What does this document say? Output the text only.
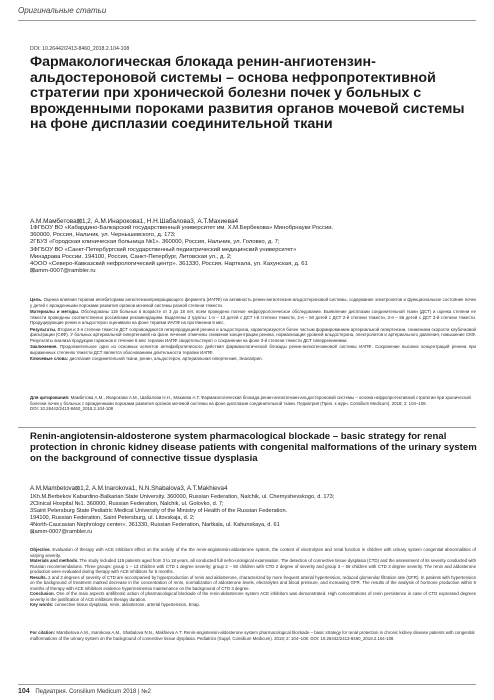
Оригинальные статьи
DOI: 10.26442/2413-8460_2018.2.104-108
Фармакологическая блокада ренин-ангиотензин-альдостероновой системы – основа нефропротективной стратегии при хронической болезни почек у больных с врожденными пороками развития органов мочевой системы на фоне дисплазии соединительной ткани
А.М.Мамбетова⊠1,2, А.М.Инарокова1, Н.Н.Шабалова3, А.Т.Махиева4
1ФГБОУ ВО «Кабардино-Балкарский государственный университет им. Х.М.Бербекова» Минобрнауки России.
360000, Россия, Нальчик, ул. Чернышевского, д. 173;
2ГБУЗ «Городская клиническая больница №1». 360000, Россия, Нальчик, ул. Головко, д. 7;
3ФГБОУ ВО «Санкт-Петербургский государственный педиатрический медицинский университет»
Минздрава России. 194100, Россия, Санкт-Петербург, Литовская ул., д. 2;
4ООО «Северо-Кавказский нефрологический центр». 361330, Россия, Нарткала, ул. Кахунская, д. 61
⊠amm-0007@rambler.ru

Цель. Оценка влияния терапии ингибиторами ангиотензинпревращающего фермента (ИАПФ) на активность ренин-ангиотензин-альдостероновой системы, содержание электролитов и функциональное состояние почек у детей с врожденными пороками развития органов мочевой системы разной степени тяжести.

Материалы и методы. Обследованы 119 больных в возрасте от 3 до 18 лет, всем проведено полное нефроурологическое обследование. Выявление дисплазии соединительной ткани (ДСТ) и оценка степени ее тяжести проведены соответственно российским рекомендациям. Выделены 3 группы: 1-я – 13 детей с ДСТ I-й степени тяжести, 2-я – 50 детей с ДСТ 2-й степени тяжести, 3-я – 56 детей с ДСТ 3-й степени тяжести. Продуцирующие ренин и альдостерон оценивали на фоне терапии ИАПФ на протяжении 6 мес.

Результаты. Вторая и 3-я степени тяжести ДСТ сопровождаются гиперпродукцией ренина и альдостерона, характеризуются более частым формированием артериальной гипертензии, снижением скорости клубочковой фильтрации (СКФ). У больных артериальной гипертензией на фоне лечения отмечены снижение концентрации ренина, нормализация уровней альдостерона, электролитов и артериального давления, повышение СКФ. Результаты анализа продукции гормонов в течение 6 мес терапии ИАПФ свидетельствуют о сохранении на фоне 3-й степени тяжести ДСТ гиперренинемии.

Заключение. Продолжительное одно из основных аспектов антифибротического действия фармакологической блокады ренин-ангиотензиновой системы ИАПФ. Сохранение высоких концентраций ренина при выраженных степенях тяжести ДСТ является обоснованием длительности терапии ИАПФ.

Ключевые слова: дисплазия соединительной ткани, ренин, альдостерон, артериальная гипертензия, Эналаприл.

Для цитирования: Мамбетова А.М., Инарокова А.М., Шабалова Н.Н., Махиева А.Т. Фармакологическая блокада ренин-ангиотензин-альдостероновой системы – основа нефропротективной стратегии при хронической болезни почек у больных с врожденными пороками развития органов мочевой системы на фоне дисплазии соединительной ткани. Педиатрия (Прил. к журн. Consilium Medicum). 2018; 2: 104–108.

DOI: 10.26442/2413-8460_2018.2.104-108

Renin-angiotensin-aldosterone system pharmacological blockade – basic strategy for renal protection in chronic kidney disease patients with congenital malformations of the urinary system on the background of connective tissue dysplasia
A.M.Mambetova⊠1,2, A.M.Inarokova1, N.N.Shabalova3, A.T.Makhieva4
1Kh.M.Berbekov Kabardino-Balkarian State University. 360000, Russian Federation, Nalchik, ul. Chernyshevskogo, d. 173;
2Clinical Hospital №1. 360000, Russian Federation, Nalchik, ul. Golovko, d. 7;
3Saint Petersburg State Pediatric Medical University of the Ministry of Health of the Russian Federation.
194100, Russian Federation, Saint Petersburg, ul. Litovskaja, d. 2;
4North-Caucasian Nephrology center». 361330, Russian Federation, Nartkala, ul. Kahunskaya, d. 61
⊠amm-0007@rambler.ru

Objective. Evaluation of therapy with ACE inhibitors effect on the activity of the the renin-angiotensin-aldosterone system, the content of electrolytes and renal function in children with urinary system congenital abnormalities of varying severity.

Materials and methods. The study included 119 patients aged from 3 to 18 years, all conducted full nefro-urological examination. The detection of connective tissue dysplasia (CTD) and the assessment of its severity conducted with Russian recommendations. Three groups: group 1 – 13 children with CTD 1 degree severity; group 2 – 50 children with CTD 2 degree of severity and group 3 – 56 children with CTD 3 degree severity. The renin and aldosterone production were evaluated during therapy with ACE inhibitors for 6 months.

Results. 2 and 3 degrees of severity of CTD are accompanied by hyperproduction of renin and aldosterone, characterized by more frequent arterial hypertension, reduced glomerular filtration rate (GFR). In patients with hypertension on the background of treatment marked decrease in the concentration of renin, normalization of aldosterone levels, electrolytes and blood pressure, and increasing GFR. The results of the analysis of hormone production within 6 months of therapy with ACE inhibitors evidence hyperreninemia maintenance on the background of CTD 3 degree.

Conclusion. One of the main aspects antifibrotic action of pharmacological blockade of the renin-aldosterone system ACE inhibitors was demonstrated. High concentrations of renin persistence in case of CTD expressed degrees severity is the justification of ACE inhibitors therapy duration.

Key words: connective tissue dysplasia, renin, aldosterone, arterial hypertension, Enap.

For citation: Mambetova A.M., Inarokova A.M., Shabalova N.N., Makhieva A.T. Renin-angiotensin-aldosterone system pharmacological blockade – basic strategy for renal protection in chronic kidney disease patients with congenital malformations of the urinary system on the background of connective tissue dysplasia. Pediatrics (Suppl. Consilium Medicum). 2018; 2: 104–108. DOI: 10.26442/2413-8460_2018.2.104-108

104 Педиатрия. Consilium Medicum 2018 | №2
